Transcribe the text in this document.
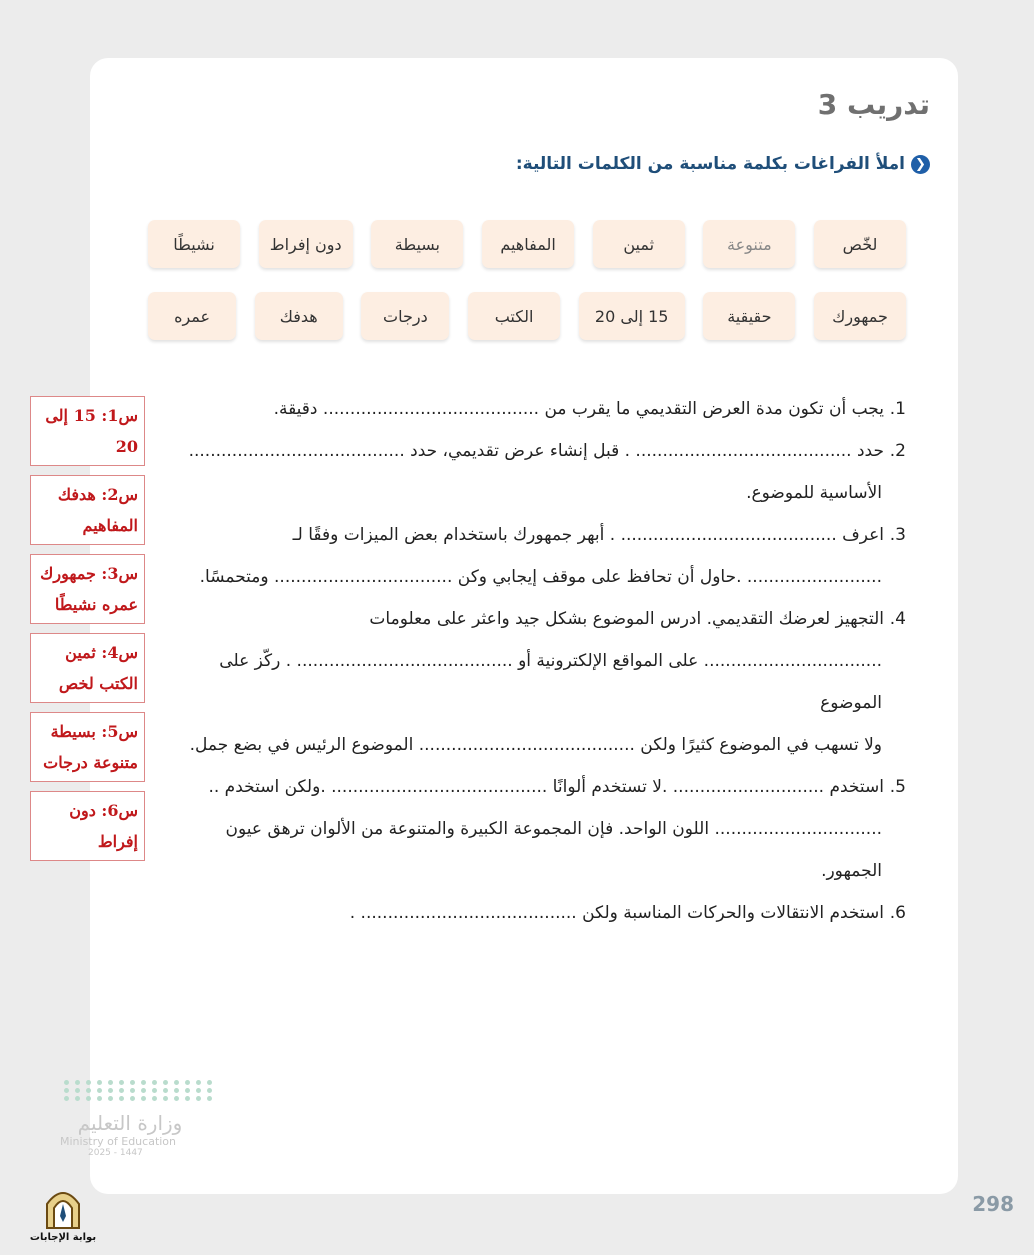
تدريب 3
❮
املأ الفراغات بكلمة مناسبة من الكلمات التالية:
لخّص
متنوعة
ثمين
المفاهيم
بسيطة
دون إفراط
نشيطًا
جمهورك
حقيقية
15 إلى 20
الكتب
درجات
هدفك
عمره
1.يجب أن تكون مدة العرض التقديمي ما يقرب من ........................................ دقيقة.
2.حدد ........................................ . قبل إنشاء عرض تقديمي، حدد ........................................
الأساسية للموضوع.
3.اعرف ........................................ . أبهر جمهورك باستخدام بعض الميزات وفقًا لـ
......................... .حاول أن تحافظ على موقف إيجابي وكن ................................. ومتحمسًا.
4.التجهيز لعرضك التقديمي. ادرس الموضوع بشكل جيد واعثر على معلومات
................................. على المواقع الإلكترونية أو ........................................ . ركّز على الموضوع
ولا تسهب في الموضوع كثيرًا ولكن ........................................ الموضوع الرئيس في بضع جمل.
5.استخدم ............................ .لا تستخدم ألوانًا ........................................ .ولكن استخدم ..
............................... اللون الواحد. فإن المجموعة الكبيرة والمتنوعة من الألوان ترهق عيون
الجمهور.
6.استخدم الانتقالات والحركات المناسبة ولكن ........................................ .
س1: 15 إلى 20
س2: هدفك المفاهيم
س3: جمهورك عمره نشيطًا
س4: ثمين الكتب لخص
س5: بسيطة متنوعة درجات
س6: دون إفراط
وزارة التعليم
Ministry of Education
2025 - 1447
298
بوابة الإجابات
